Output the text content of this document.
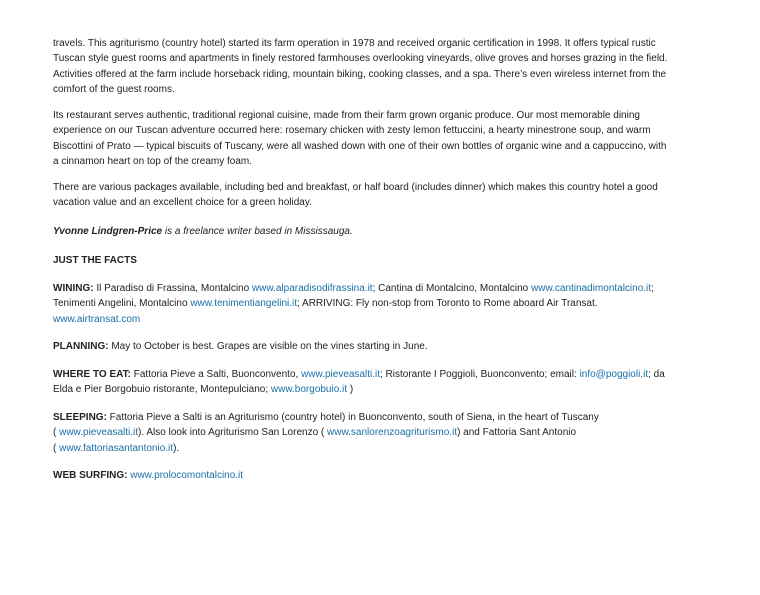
travels. This agriturismo (country hotel) started its farm operation in 1978 and received organic certification in 1998. It offers typical rustic
Tuscan style guest rooms and apartments in finely restored farmhouses overlooking vineyards, olive groves and horses grazing in the field.
Activities offered at the farm include horseback riding, mountain biking, cooking classes, and a spa. There’s even wireless internet from the
comfort of the guest rooms.
Its restaurant serves authentic, traditional regional cuisine, made from their farm grown organic produce. Our most memorable dining
experience on our Tuscan adventure occurred here: rosemary chicken with zesty lemon fettuccini, a hearty minestrone soup, and warm
Biscottini of Prato — typical biscuits of Tuscany, were all washed down with one of their own bottles of organic wine and a cappuccino, with
a cinnamon heart on top of the creamy foam.
There are various packages available, including bed and breakfast, or half board (includes dinner) which makes this country hotel a good
vacation value and an excellent choice for a green holiday.
Yvonne Lindgren-Price is a freelance writer based in Mississauga.
JUST THE FACTS
WINING: Il Paradiso di Frassina, Montalcino www.alparadisodifrassina.it; Cantina di Montalcino, Montalcino www.cantinadimontalcino.it;
Tenimenti Angelini, Montalcino www.tenimentiangelini.it; ARRIVING: Fly non-stop from Toronto to Rome aboard Air Transat.
www.airtransat.com
PLANNING: May to October is best. Grapes are visible on the vines starting in June.
WHERE TO EAT: Fattoria Pieve a Salti, Buonconvento, www.pieveasalti.it; Ristorante I Poggioli, Buonconvento; email: info@poggioli.it; da
Elda e Pier Borgobuio ristorante, Montepulciano; www.borgobuio.it )
SLEEPING: Fattoria Pieve a Salti is an Agriturismo (country hotel) in Buonconvento, south of Siena, in the heart of Tuscany
( www.pieveasalti.it). Also look into Agriturismo San Lorenzo ( www.sanlorenzoagriturismo.it) and Fattoria Sant Antonio
( www.fattoriasantantonio.it).
WEB SURFING: www.prolocomontalcino.it
